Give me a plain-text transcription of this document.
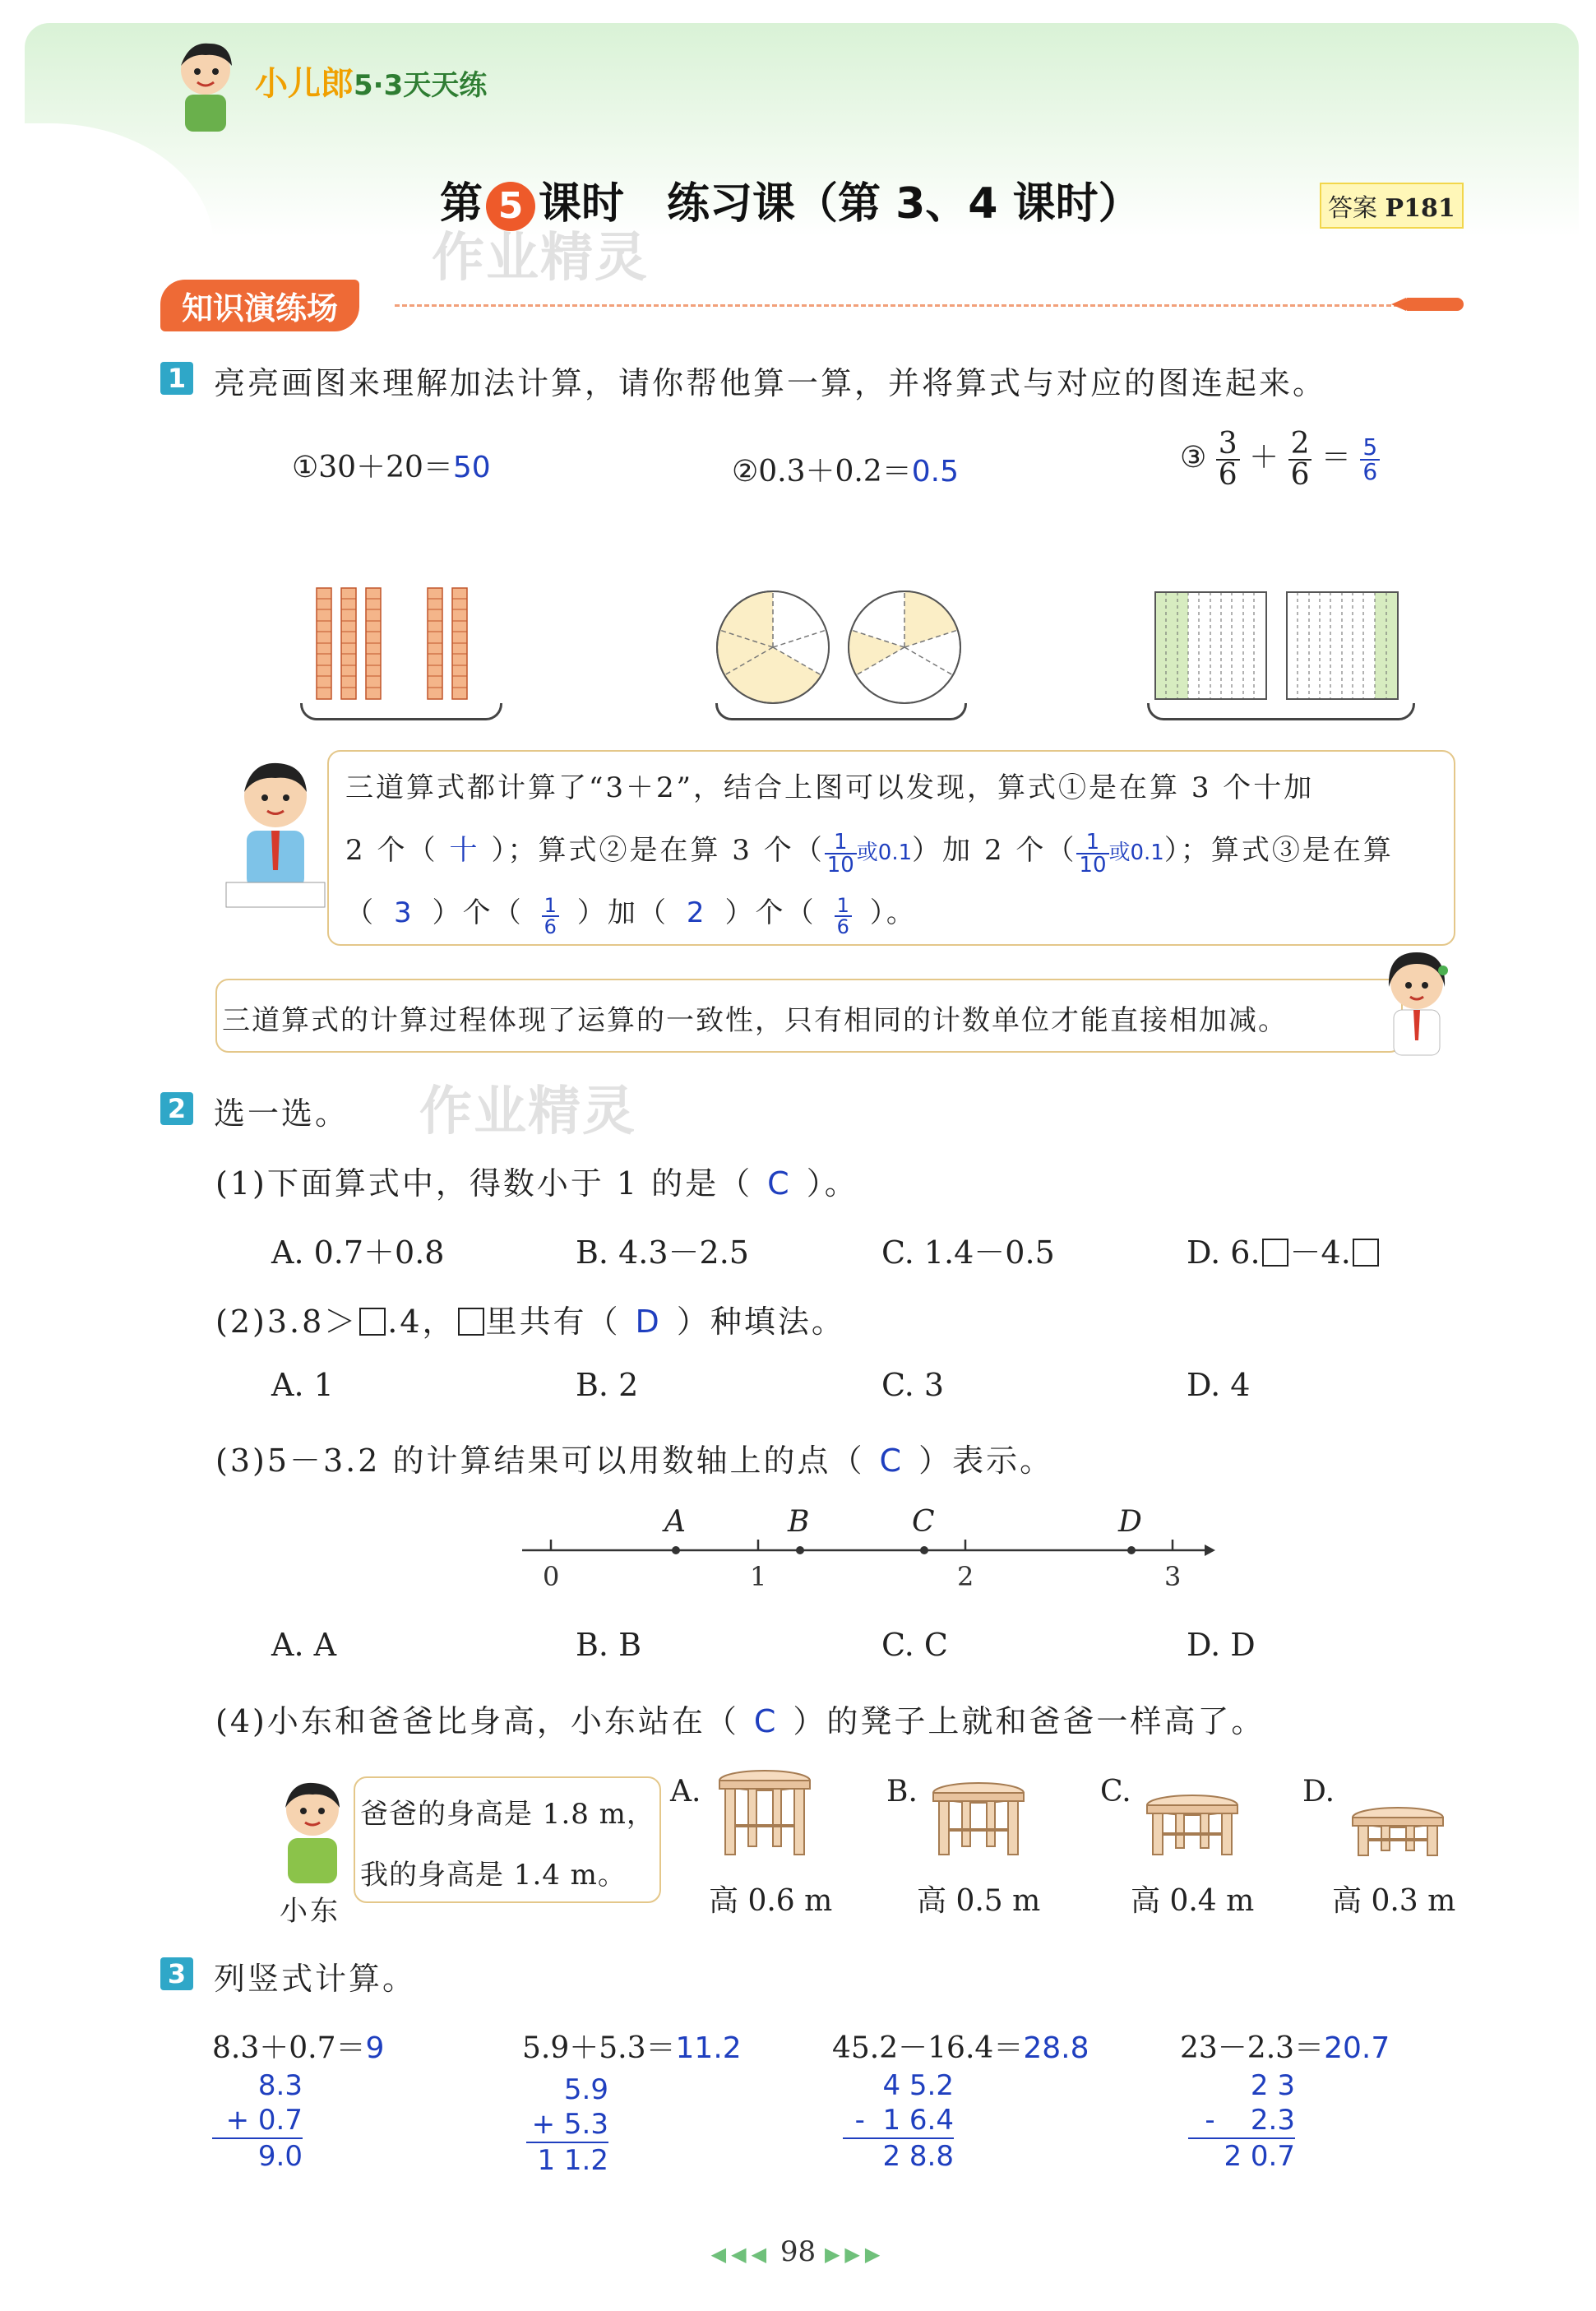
小儿郎5·3天天练
第 5 课时　练习课（第 3、4 课时）	答案 P181
作业精灵
知识演练场
1 亮亮画图来理解加法计算，请你帮他算一算，并将算式与对应的图连起来。
①30＋20＝50	②0.3＋0.2＝0.5	③ $\frac{3}{6} + \frac{2}{6} = \frac{5}{6}$
三道算式都计算了“3＋2”，结合上图可以发现，算式①是在算 3 个十加
2 个（ 十 ）；算式②是在算 3 个（ $\frac{1}{10}$ 或0.1）加 2 个（ $\frac{1}{10}$ 或0.1）；算式③是在算
（ 3 ）个（ $\frac{1}{6}$ ）加（ 2 ）个（ $\frac{1}{6}$ ）。
三道算式的计算过程体现了运算的一致性，只有相同的计数单位才能直接相加减。
2 选一选。 作业精灵
(1)下面算式中，得数小于 1 的是（ C ）。
A. 0.7＋0.8	B. 4.3－2.5	C. 1.4－0.5	D. 6. －4.
(2)3.8＞ .4， 里共有（ D ）种填法。
A. 1	B. 2	C. 3	D. 4
(3)5－3.2 的计算结果可以用数轴上的点（ C ）表示。
A	B	C	D
0	1	2	3
A. A	B. B	C. C	D. D
(4)小东和爸爸比身高，小东站在（ C ）的凳子上就和爸爸一样高了。
爸爸的身高是 1.8 m，
我的身高是 1.4 m。
小东
A.	B.	C.	D.
高 0.6 m	高 0.5 m	高 0.4 m	高 0.3 m
3 列竖式计算。
8.3＋0.7＝9	5.9＋5.3＝11.2	45.2－16.4＝28.8	23－2.3＝20.7
8.3
+ 0.7
9.0
5.9
+ 5.3
1 1.2
4 5.2
-  1 6.4
2 8.8
2 3
-    2.3
2 0.7
◀◀◀ 98 ▶▶▶
